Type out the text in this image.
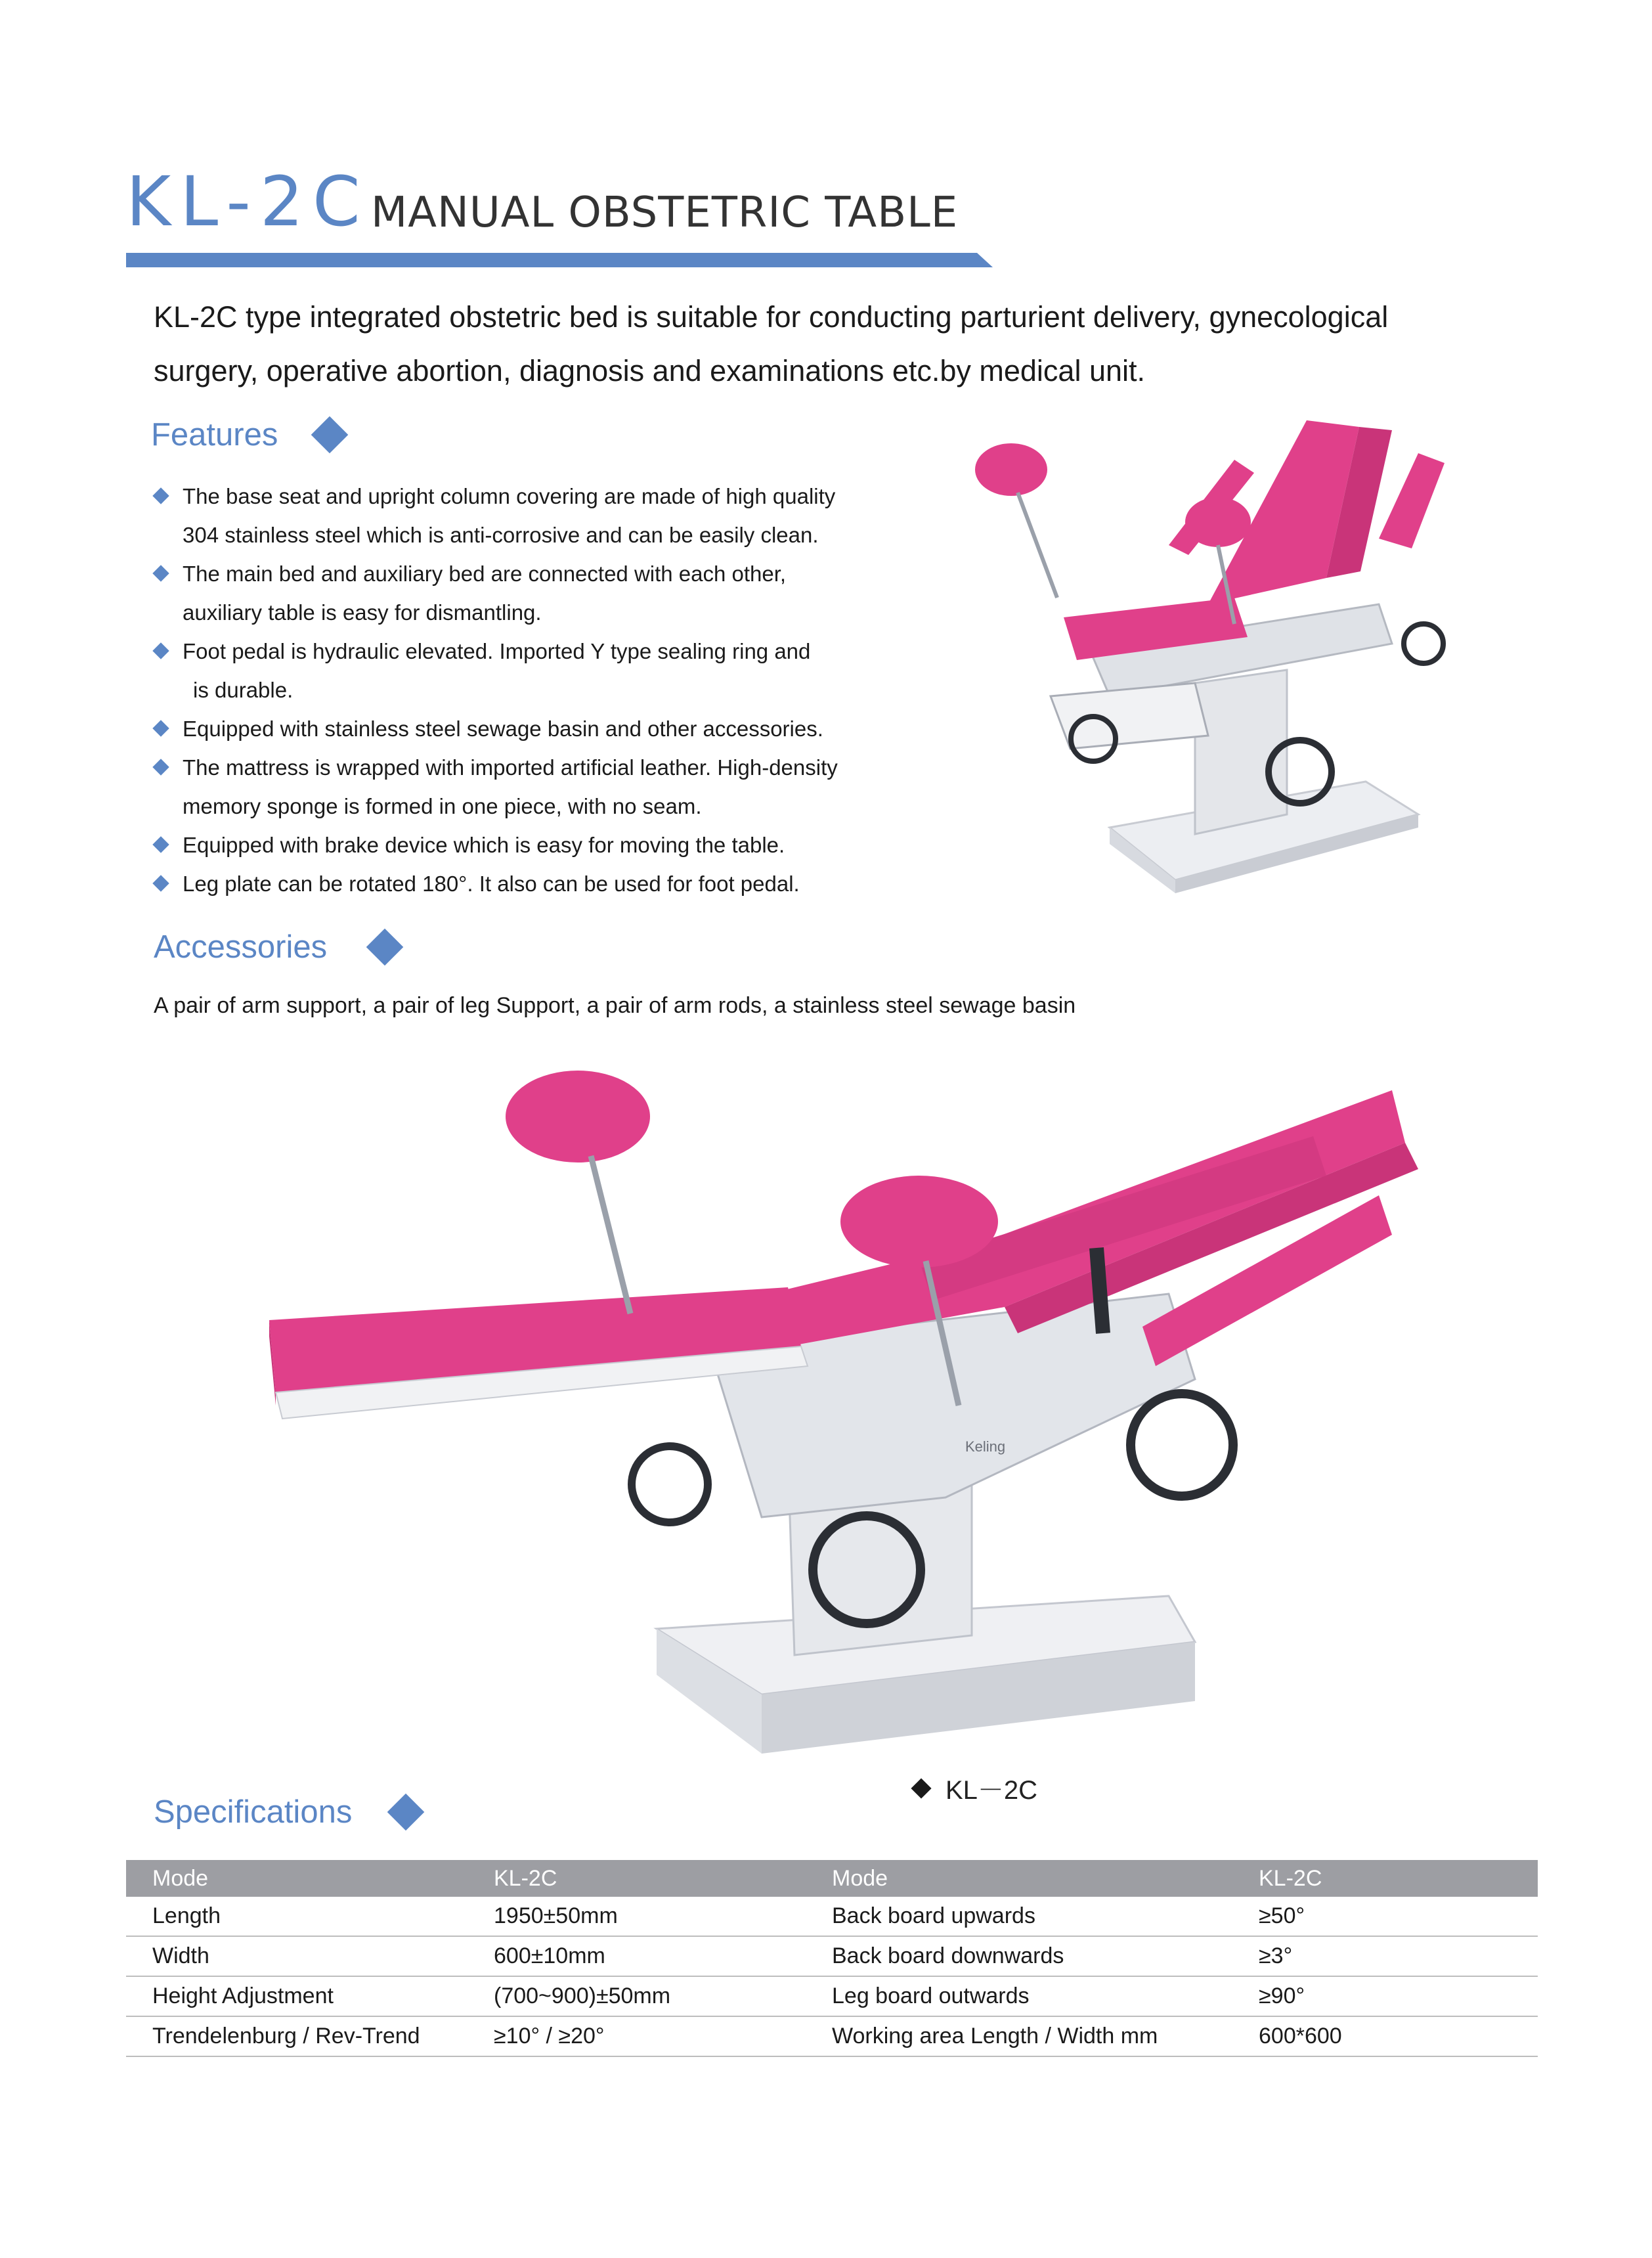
KL-2C MANUAL OBSTETRIC TABLE
KL-2C type integrated obstetric bed is suitable for conducting parturient delivery, gynecological
surgery, operative abortion, diagnosis and examinations etc.by medical unit.
Features
The base seat and upright column covering are made of high quality
304 stainless steel which is anti-corrosive and can be easily clean.
The main bed and auxiliary bed are connected with each other,
auxiliary table is easy for dismantling.
Foot pedal is hydraulic elevated. Imported Y type sealing ring and
is durable.
Equipped with stainless steel sewage basin and other accessories.
The mattress is wrapped with imported artificial leather. High-density
memory sponge is formed in one piece, with no seam.
Equipped with brake device which is easy for moving the table.
Leg plate can be rotated 180°. It also can be used for foot pedal.
Accessories
A pair of arm support, a pair of leg Support, a pair of arm rods, a stainless steel sewage basin
Keling
KL－2C
Specifications
Mode	KL-2C	Mode	KL-2C
Length	1950±50mm	Back board upwards	≥50°
Width	600±10mm	Back board downwards	≥3°
Height Adjustment	(700~900)±50mm	Leg board outwards	≥90°
Trendelenburg / Rev-Trend	≥10° / ≥20°	Working area Length / Width mm	600*600
